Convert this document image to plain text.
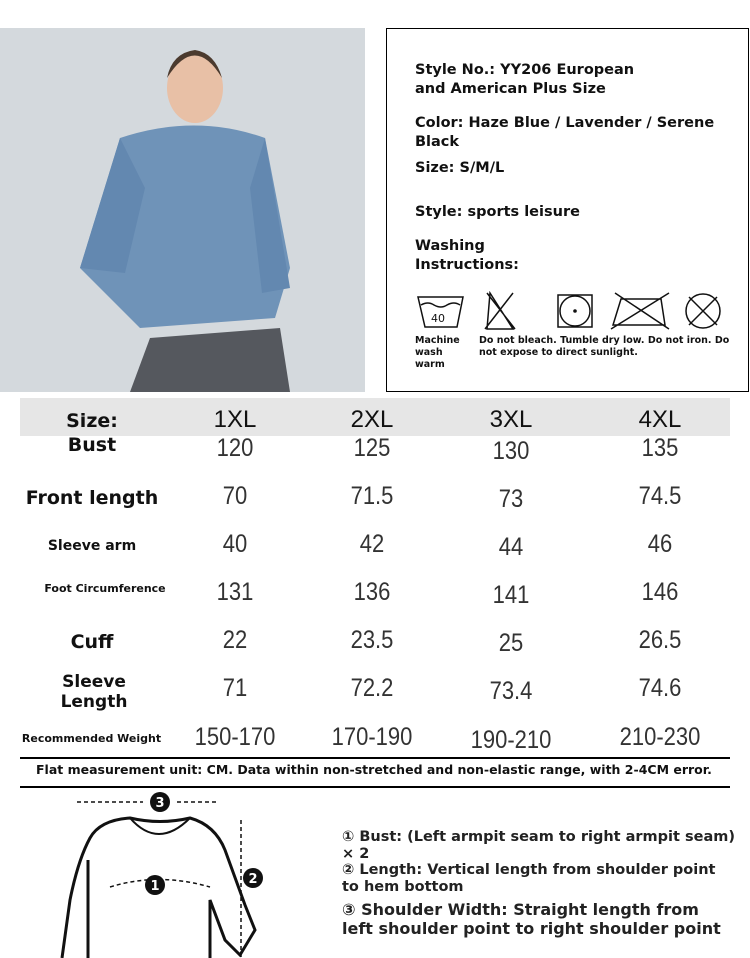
Style No.: YY206 European and American Plus Size
Color: Haze Blue / Lavender / Serene Black
Size: S/M/L
Style: sports leisure
Washing Instructions:
40
Machine wash warm
Do not bleach. Tumble dry low. Do not iron. Do not expose to direct sunlight.
Size:	1XL	2XL	3XL	4XL
Bust	120	125	130	135
Front length	70	71.5	73	74.5
Sleeve arm	40	42	44	46
Foot Circumference	131	136	141	146
Cuff	22	23.5	25	26.5
Sleeve Length	71	72.2	73.4	74.6
Recommended Weight	150-170	170-190	190-210	210-230
Flat measurement unit: CM. Data within non-stretched and non-elastic range, with 2-4CM error.
3
1	2
① Bust: (Left armpit seam to right armpit seam) × 2
② Length: Vertical length from shoulder point to hem bottom
③ Shoulder Width: Straight length from left shoulder point to right shoulder point
